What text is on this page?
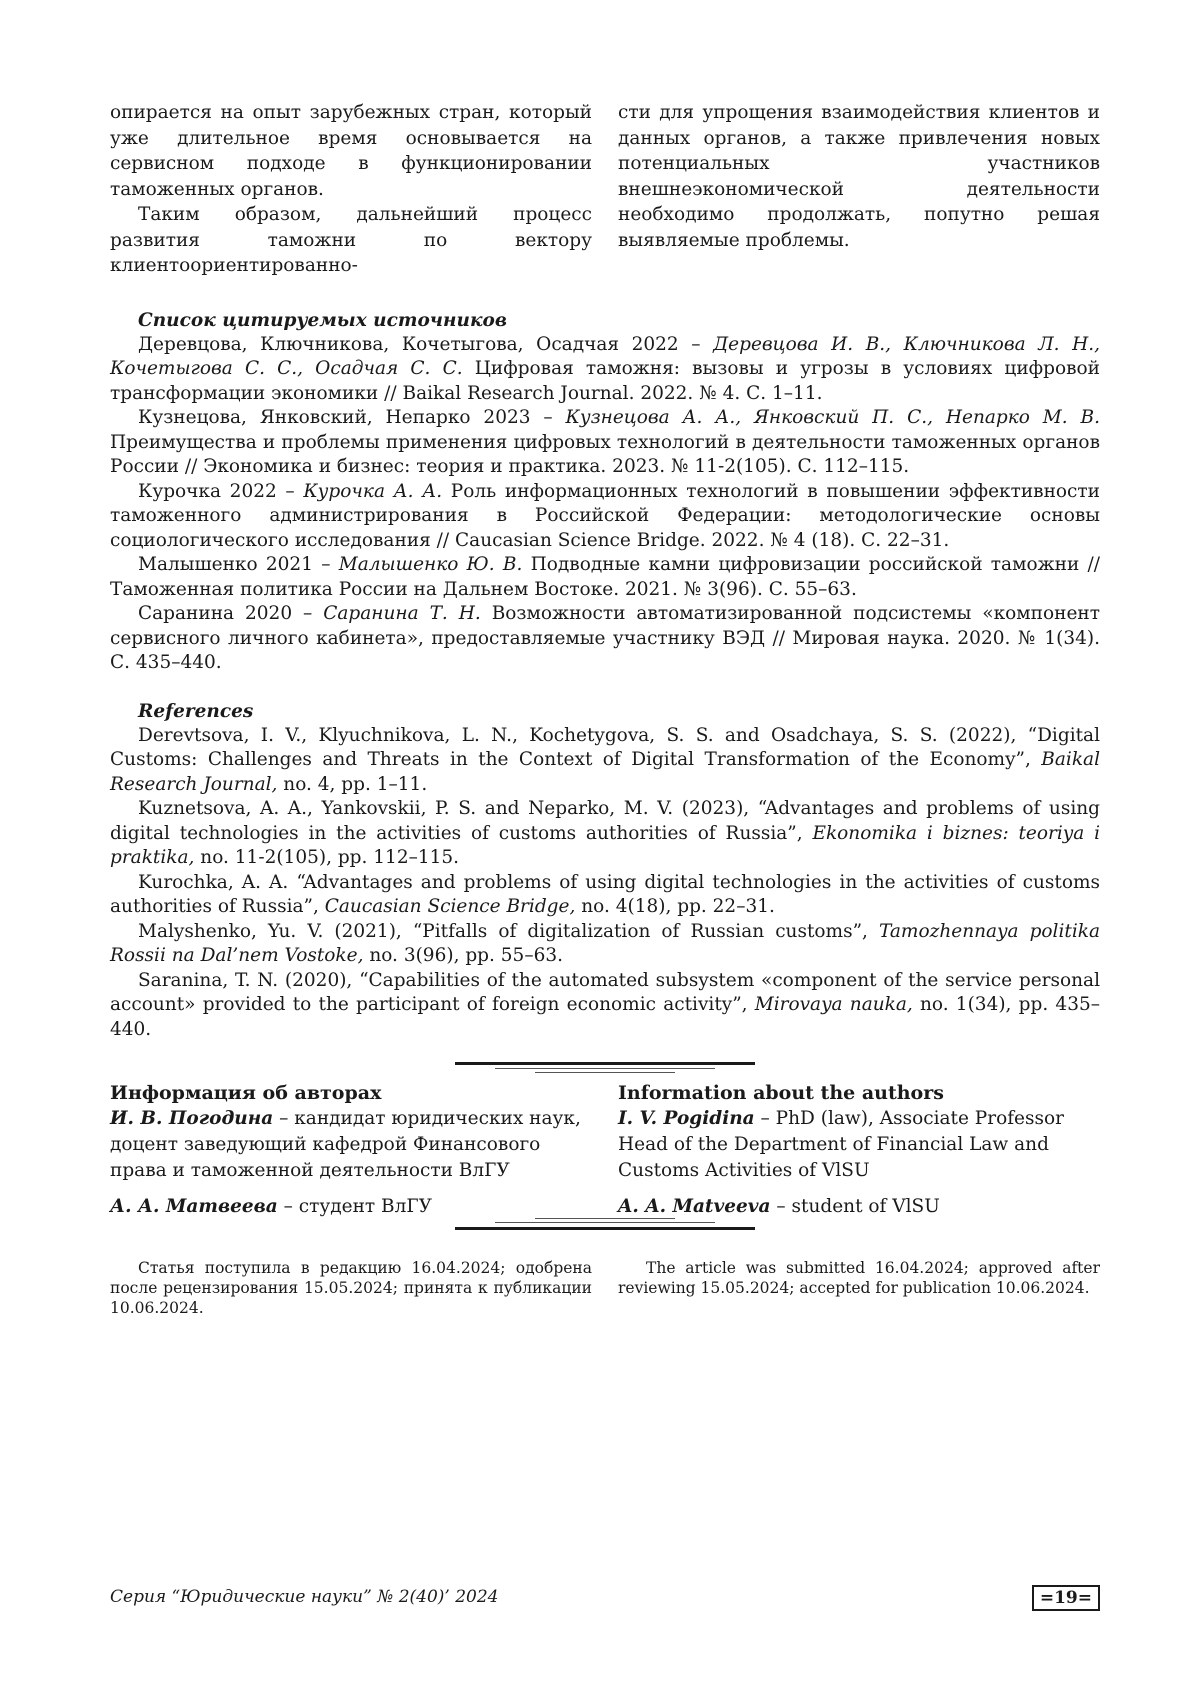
опирается на опыт зарубежных стран, который уже длительное время основывается на сервисном подходе в функционировании таможенных органов.

Таким образом, дальнейший процесс развития таможни по вектору клиентоориентированно-

сти для упрощения взаимодействия клиентов и данных органов, а также привлечения новых потенциальных участников внешнеэкономической деятельности необходимо продолжать, попутно решая выявляемые проблемы.

Список цитируемых источников

Деревцова, Ключникова, Кочетыгова, Осадчая 2022 – Деревцова И. В., Ключникова Л. Н., Кочетыгова С. С., Осадчая С. С. Цифровая таможня: вызовы и угрозы в условиях цифровой трансформации экономики // Baikal Research Journal. 2022. № 4. С. 1–11.

Кузнецова, Янковский, Непарко 2023 – Кузнецова А. А., Янковский П. С., Непарко М. В. Преимущества и проблемы применения цифровых технологий в деятельности таможенных органов России // Экономика и бизнес: теория и практика. 2023. № 11-2(105). С. 112–115.

Курочка 2022 – Курочка А. А. Роль информационных технологий в повышении эффективности таможенного администрирования в Российской Федерации: методологические основы социологического исследования // Caucasian Science Bridge. 2022. № 4 (18). С. 22–31.

Малышенко 2021 – Малышенко Ю. В. Подводные камни цифровизации российской таможни // Таможенная политика России на Дальнем Востоке. 2021. № 3(96). С. 55–63.

Саранина 2020 – Саранина Т. Н. Возможности автоматизированной подсистемы «компонент сервисного личного кабинета», предоставляемые участнику ВЭД // Мировая наука. 2020. № 1(34). С. 435–440.

References

Derevtsova, I. V., Klyuchnikova, L. N., Kochetygova, S. S. and Osadchaya, S. S. (2022), “Digital Customs: Challenges and Threats in the Context of Digital Transformation of the Economy”, Baikal Research Journal, no. 4, pp. 1–11.

Kuznetsova, A. A., Yankovskii, P. S. and Neparko, M. V. (2023), “Advantages and problems of using digital technologies in the activities of customs authorities of Russia”, Ekonomika i biznes: teoriya i praktika, no. 11-2(105), pp. 112–115.

Kurochka, A. A. “Advantages and problems of using digital technologies in the activities of customs authorities of Russia”, Caucasian Science Bridge, no. 4(18), pp. 22–31.

Malyshenko, Yu. V. (2021), “Pitfalls of digitalization of Russian customs”, Tamozhennaya politika Rossii na Dal’nem Vostoke, no. 3(96), pp. 55–63.

Saranina, T. N. (2020), “Capabilities of the automated subsystem «component of the service personal account» provided to the participant of foreign economic activity”, Mirovaya nauka, no. 1(34), pp. 435–440.

Информация об авторах

И. В. Погодина – кандидат юридических наук, доцент заведующий кафедрой Финансового права и таможенной деятельности ВлГУ

А. А. Матвеева – студент ВлГУ

Information about the authors

I. V. Pogidina – PhD (law), Associate Professor Head of the Department of Financial Law and Customs Activities of VlSU

A. A. Matveeva – student of VlSU

Статья поступила в редакцию 16.04.2024; одобрена после рецензирования 15.05.2024; принята к публикации 10.06.2024.

The article was submitted 16.04.2024; approved after reviewing 15.05.2024; accepted for publication 10.06.2024.

Серия “Юридические науки” № 2(40)’ 2024	=19=
